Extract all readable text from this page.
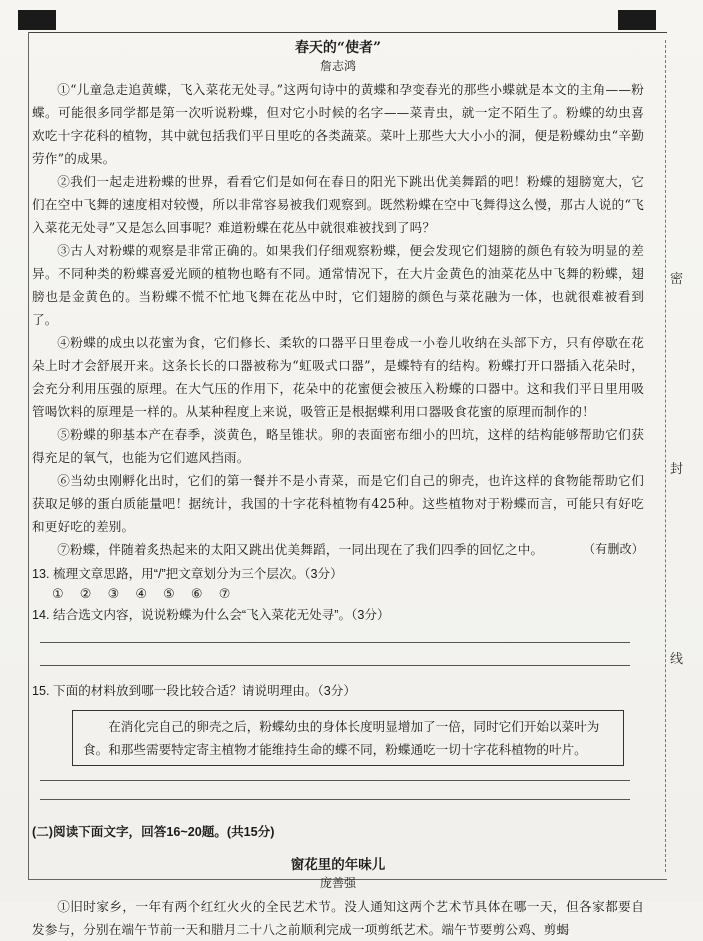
密
封
线

春天的“使者”

詹志鸿

①“儿童急走追黄蝶，飞入菜花无处寻。”这两句诗中的黄蝶和孕变春光的那些小蝶就是本文的主角——粉蝶。可能很多同学都是第一次听说粉蝶，但对它小时候的名字——菜青虫，就一定不陌生了。粉蝶的幼虫喜欢吃十字花科的植物，其中就包括我们平日里吃的各类蔬菜。菜叶上那些大大小小的洞，便是粉蝶幼虫“辛勤劳作”的成果。

②我们一起走进粉蝶的世界，看看它们是如何在春日的阳光下跳出优美舞蹈的吧！粉蝶的翅膀宽大，它们在空中飞舞的速度相对较慢，所以非常容易被我们观察到。既然粉蝶在空中飞舞得这么慢，那古人说的“飞入菜花无处寻”又是怎么回事呢？难道粉蝶在花丛中就很难被找到了吗？

③古人对粉蝶的观察是非常正确的。如果我们仔细观察粉蝶，便会发现它们翅膀的颜色有较为明显的差异。不同种类的粉蝶喜爱光顾的植物也略有不同。通常情况下，在大片金黄色的油菜花丛中飞舞的粉蝶，翅膀也是金黄色的。当粉蝶不慌不忙地飞舞在花丛中时，它们翅膀的颜色与菜花融为一体，也就很难被看到了。

④粉蝶的成虫以花蜜为食，它们修长、柔软的口器平日里卷成一小卷儿收纳在头部下方，只有停歇在花朵上时才会舒展开来。这条长长的口器被称为“虹吸式口器”，是蝶特有的结构。粉蝶打开口器插入花朵时，会充分利用压强的原理。在大气压的作用下，花朵中的花蜜便会被压入粉蝶的口器中。这和我们平日里用吸管喝饮料的原理是一样的。从某种程度上来说，吸管正是根据蝶利用口器吸食花蜜的原理而制作的！

⑤粉蝶的卵基本产在春季，淡黄色，略呈锥状。卵的表面密布细小的凹坑，这样的结构能够帮助它们获得充足的氧气，也能为它们遮风挡雨。

⑥当幼虫刚孵化出时，它们的第一餐并不是小青菜，而是它们自己的卵壳，也许这样的食物能帮助它们获取足够的蛋白质能量吧！据统计，我国的十字花科植物有425种。这些植物对于粉蝶而言，可能只有好吃和更好吃的差别。

⑦粉蝶，伴随着炙热起来的太阳又跳出优美舞蹈，一同出现在了我们四季的回忆之中。	（有删改）

13. 梳理文章思路，用“/”把文章划分为三个层次。（3分）

① ② ③ ④ ⑤ ⑥ ⑦

14. 结合选文内容，说说粉蝶为什么会“飞入菜花无处寻”。（3分）

15. 下面的材料放到哪一段比较合适？请说明理由。（3分）

在消化完自己的卵壳之后，粉蝶幼虫的身体长度明显增加了一倍，同时它们开始以菜叶为食。和那些需要特定寄主植物才能维持生命的蝶不同，粉蝶通吃一切十字花科植物的叶片。

(二)阅读下面文字，回答16~20题。(共15分)

窗花里的年味儿

庞善强

①旧时家乡，一年有两个红红火火的全民艺术节。没人通知这两个艺术节具体在哪一天，但各家都要自发参与，分别在端午节前一天和腊月二十八之前顺利完成一项剪纸艺术。端午节要剪公鸡、剪蝎
